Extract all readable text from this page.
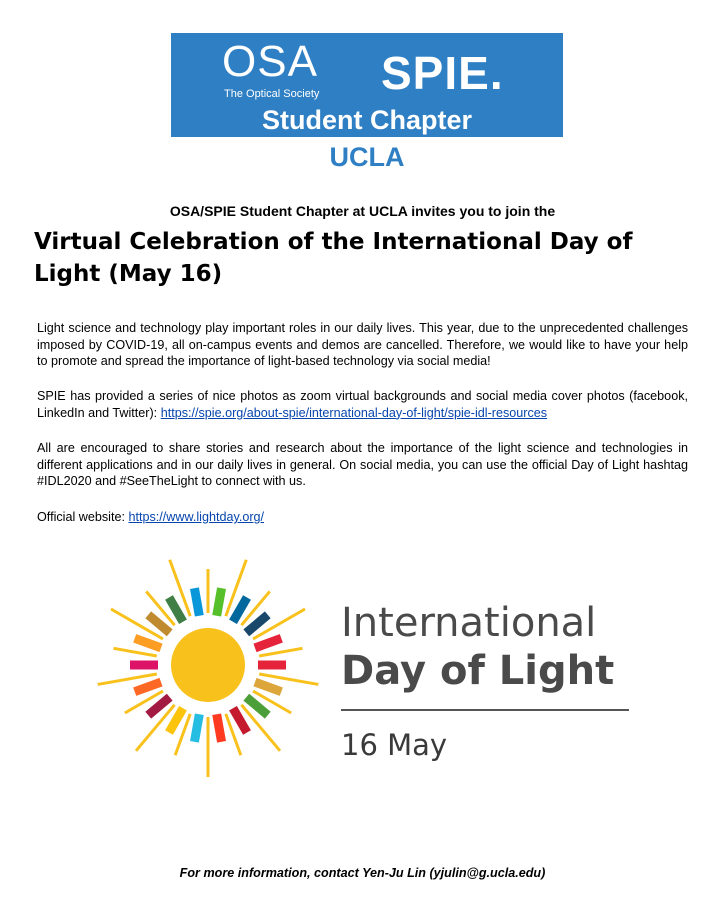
OSA
The Optical Society SPIE.
Student Chapter
UCLA
OSA/SPIE Student Chapter at UCLA invites you to join the
Virtual Celebration of the International Day of Light (May 16)
Light science and technology play important roles in our daily lives. This year, due to the unprecedented challenges imposed by COVID-19, all on-campus events and demos are cancelled. Therefore, we would like to have your help to promote and spread the importance of light-based technology via social media!
SPIE has provided a series of nice photos as zoom virtual backgrounds and social media cover photos (facebook, LinkedIn and Twitter): https://spie.org/about-spie/international-day-of-light/spie-idl-resources
All are encouraged to share stories and research about the importance of the light science and technologies in different applications and in our daily lives in general. On social media, you can use the official Day of Light hashtag #IDL2020 and #SeeTheLight to connect with us.
Official website: https://www.lightday.org/
International
Day of Light
16 May
For more information, contact Yen-Ju Lin (yjulin@g.ucla.edu)
